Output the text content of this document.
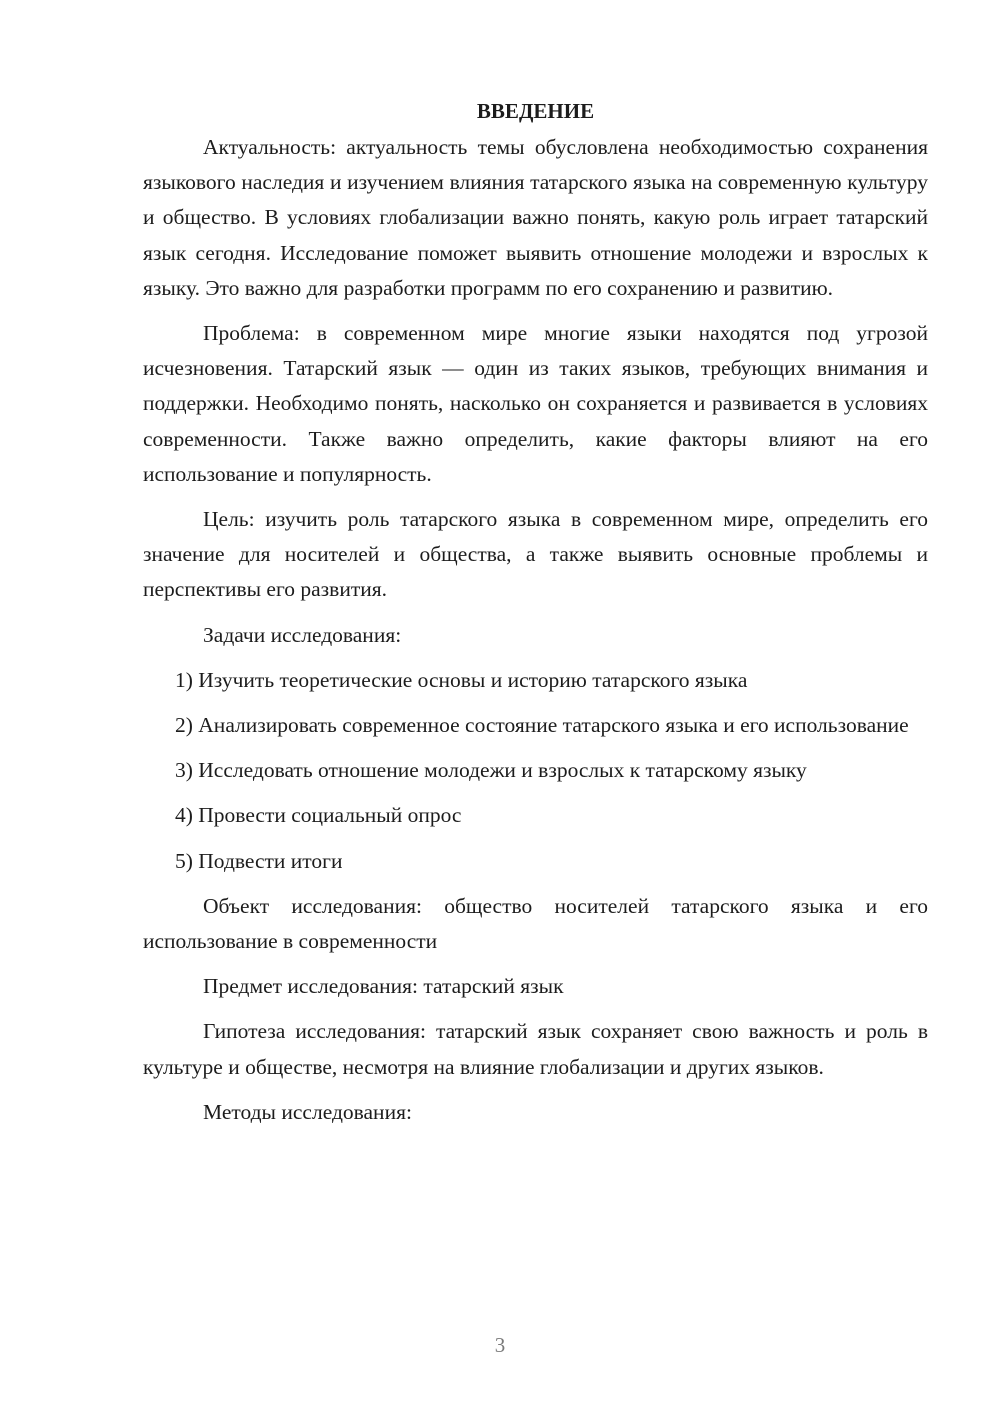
ВВЕДЕНИЕ

Актуальность: актуальность темы обусловлена необходимостью сохранения языкового наследия и изучением влияния татарского языка на современную культуру и общество. В условиях глобализации важно понять, какую роль играет татарский язык сегодня. Исследование поможет выявить отношение молодежи и взрослых к языку. Это важно для разработки программ по его сохранению и развитию.

Проблема: в современном мире многие языки находятся под угрозой исчезновения. Татарский язык — один из таких языков, требующих внимания и поддержки. Необходимо понять, насколько он сохраняется и развивается в условиях современности. Также важно определить, какие факторы влияют на его использование и популярность.

Цель: изучить роль татарского языка в современном мире, определить его значение для носителей и общества, а также выявить основные проблемы и перспективы его развития.

Задачи исследования:

1) Изучить теоретические основы и историю татарского языка

2) Анализировать современное состояние татарского языка и его использование

3) Исследовать отношение молодежи и взрослых к татарскому языку

4) Провести социальный опрос

5) Подвести итоги

Объект исследования: общество носителей татарского языка и его использование в современности

Предмет исследования: татарский язык

Гипотеза исследования: татарский язык сохраняет свою важность и роль в культуре и обществе, несмотря на влияние глобализации и других языков.

Методы исследования:

3
